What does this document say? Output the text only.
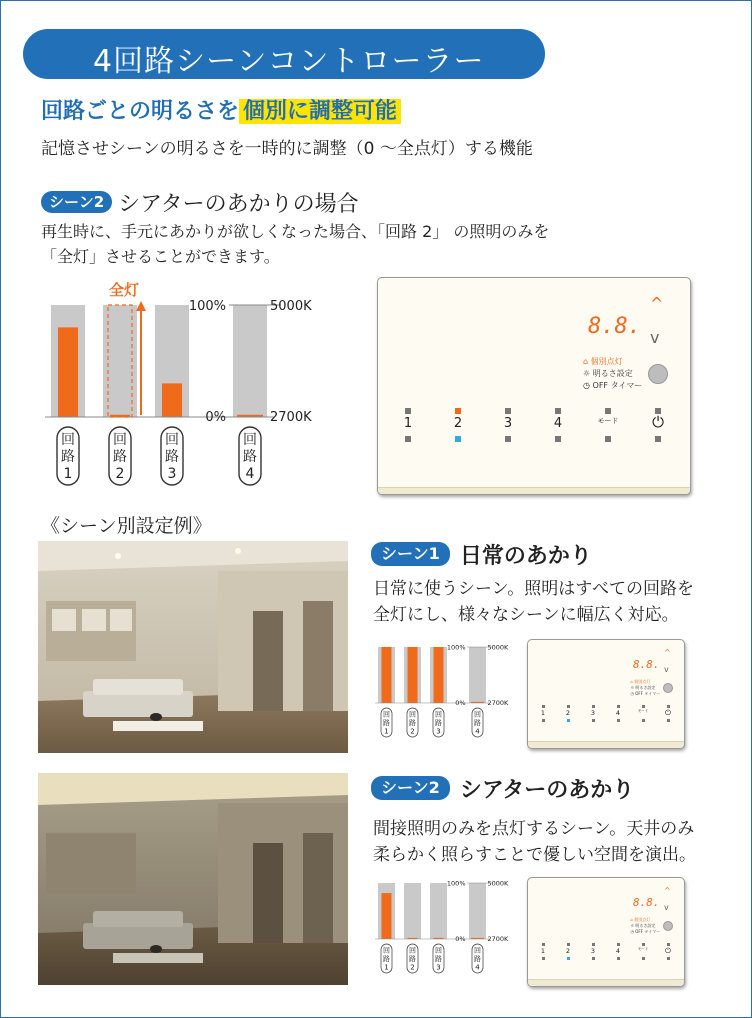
4回路シーンコントローラー
回路ごとの明るさを 個別に調整可能
記憶させシーンの明るさを一時的に調整（0 ～全点灯）する機能
シーン2 シアターのあかりの場合
再生時に、手元にあかりが欲しくなった場合、「回路 2」 の照明のみを
「全灯」させることができます。
回
路
1
回
路
2
回
路
3
回
路
4
100%
0%
5000K
2700K
全灯
8.8.
^
v
⌂ 個別点灯
☼ 明るさ設定
◷ OFF タイマー
1	2	3	4	モード ⏻
《シーン別設定例》
シーン1 日常のあかり
日常に使うシーン。照明はすべての回路を
全灯にし、様々なシーンに幅広く対応。
回
路
1
回
路
2
回
路
3
回
路
4
100%
0%
5000K
2700K
8.8.
^
v
⌂ 個別点灯
☼ 明るさ設定
◷ OFF タイマー
1	2	3	4	モード ⏻
シーン2 シアターのあかり
間接照明のみを点灯するシーン。天井のみ
柔らかく照らすことで優しい空間を演出。
回
路
1
回
路
2
回
路
3
回
路
4
100%
0%
5000K
2700K
8.8.
^
v
⌂ 個別点灯
☼ 明るさ設定
◷ OFF タイマー
1	2	3	4	モード ⏻
